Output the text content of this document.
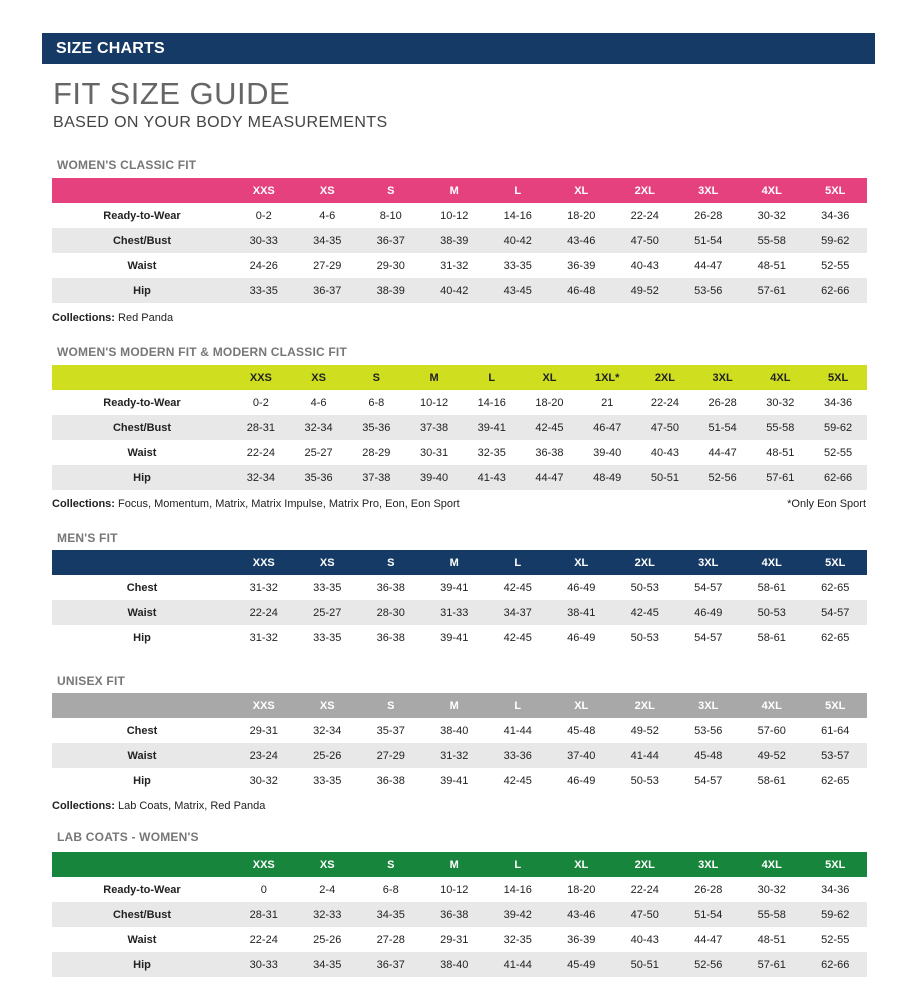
SIZE CHARTS
FIT SIZE GUIDE
BASED ON YOUR BODY MEASUREMENTS
WOMEN'S CLASSIC FIT
	XXS	XS	S	M	L	XL	2XL	3XL	4XL	5XL
Ready-to-Wear	0-2	4-6	8-10	10-12	14-16	18-20	22-24	26-28	30-32	34-36
Chest/Bust	30-33	34-35	36-37	38-39	40-42	43-46	47-50	51-54	55-58	59-62
Waist	24-26	27-29	29-30	31-32	33-35	36-39	40-43	44-47	48-51	52-55
Hip	33-35	36-37	38-39	40-42	43-45	46-48	49-52	53-56	57-61	62-66
Collections: Red Panda
WOMEN'S MODERN FIT & MODERN CLASSIC FIT
	XXS	XS	S	M	L	XL	1XL*	2XL	3XL	4XL	5XL
Ready-to-Wear	0-2	4-6	6-8	10-12	14-16	18-20	21	22-24	26-28	30-32	34-36
Chest/Bust	28-31	32-34	35-36	37-38	39-41	42-45	46-47	47-50	51-54	55-58	59-62
Waist	22-24	25-27	28-29	30-31	32-35	36-38	39-40	40-43	44-47	48-51	52-55
Hip	32-34	35-36	37-38	39-40	41-43	44-47	48-49	50-51	52-56	57-61	62-66
Collections: Focus, Momentum, Matrix, Matrix Impulse, Matrix Pro, Eon, Eon Sport	*Only Eon Sport
MEN'S FIT
	XXS	XS	S	M	L	XL	2XL	3XL	4XL	5XL
Chest	31-32	33-35	36-38	39-41	42-45	46-49	50-53	54-57	58-61	62-65
Waist	22-24	25-27	28-30	31-33	34-37	38-41	42-45	46-49	50-53	54-57
Hip	31-32	33-35	36-38	39-41	42-45	46-49	50-53	54-57	58-61	62-65
UNISEX FIT
	XXS	XS	S	M	L	XL	2XL	3XL	4XL	5XL
Chest	29-31	32-34	35-37	38-40	41-44	45-48	49-52	53-56	57-60	61-64
Waist	23-24	25-26	27-29	31-32	33-36	37-40	41-44	45-48	49-52	53-57
Hip	30-32	33-35	36-38	39-41	42-45	46-49	50-53	54-57	58-61	62-65
Collections: Lab Coats, Matrix, Red Panda
LAB COATS - WOMEN'S
	XXS	XS	S	M	L	XL	2XL	3XL	4XL	5XL
Ready-to-Wear	0	2-4	6-8	10-12	14-16	18-20	22-24	26-28	30-32	34-36
Chest/Bust	28-31	32-33	34-35	36-38	39-42	43-46	47-50	51-54	55-58	59-62
Waist	22-24	25-26	27-28	29-31	32-35	36-39	40-43	44-47	48-51	52-55
Hip	30-33	34-35	36-37	38-40	41-44	45-49	50-51	52-56	57-61	62-66
